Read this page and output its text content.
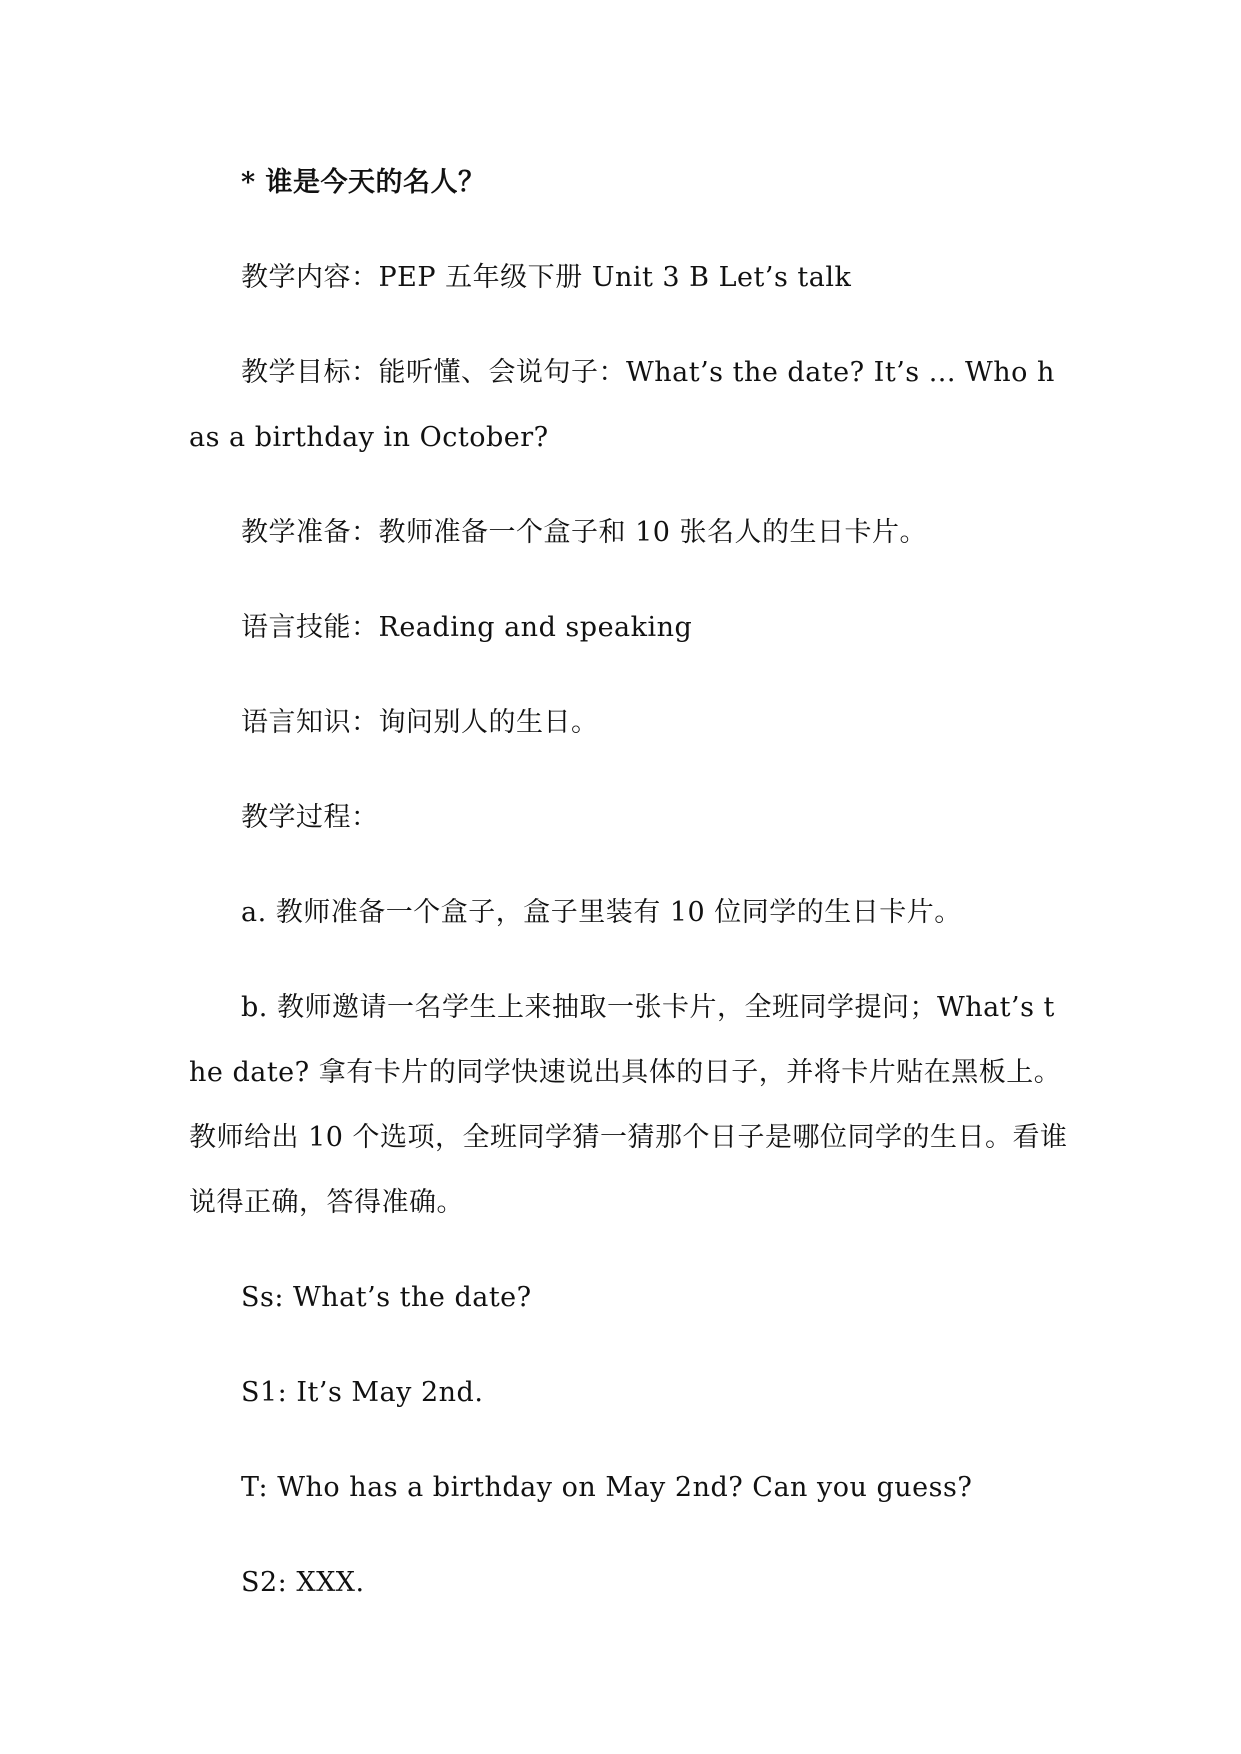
* 谁是今天的名人？

教学内容：PEP 五年级下册 Unit 3 B Let’s talk

教学目标：能听懂、会说句子：What’s the date? It’s ... Who has a birthday in October?

教学准备：教师准备一个盒子和 10 张名人的生日卡片。

语言技能：Reading and speaking

语言知识：询问别人的生日。

教学过程：

a. 教师准备一个盒子，盒子里装有 10 位同学的生日卡片。

b. 教师邀请一名学生上来抽取一张卡片，全班同学提问；What’s the date? 拿有卡片的同学快速说出具体的日子，并将卡片贴在黑板上。教师给出 10 个选项，全班同学猜一猜那个日子是哪位同学的生日。看谁说得正确，答得准确。

Ss: What’s the date?

S1: It’s May 2nd.

T: Who has a birthday on May 2nd? Can you guess?

S2: XXX.
